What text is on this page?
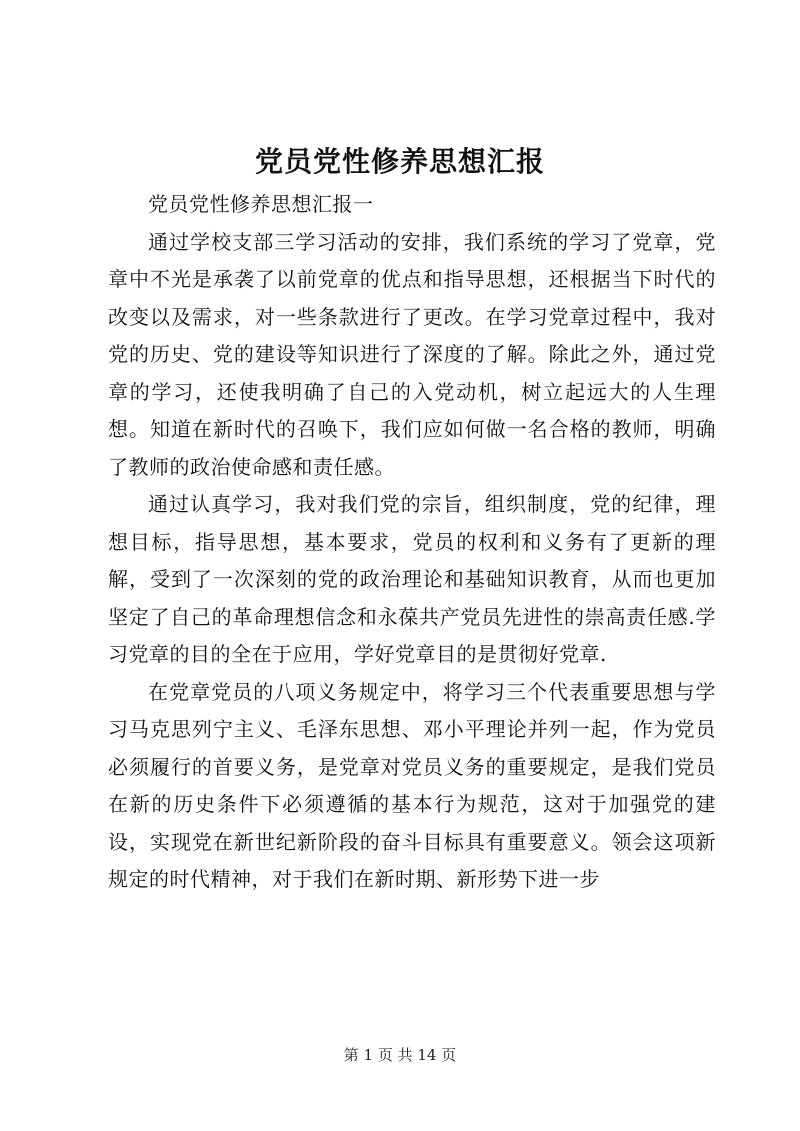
党员党性修养思想汇报

党员党性修养思想汇报一

通过学校支部三学习活动的安排，我们系统的学习了党章，党章中不光是承袭了以前党章的优点和指导思想，还根据当下时代的改变以及需求，对一些条款进行了更改。在学习党章过程中，我对党的历史、党的建设等知识进行了深度的了解。除此之外，通过党章的学习，还使我明确了自己的入党动机，树立起远大的人生理想。知道在新时代的召唤下，我们应如何做一名合格的教师，明确了教师的政治使命感和责任感。

通过认真学习，我对我们党的宗旨，组织制度，党的纪律，理想目标，指导思想，基本要求，党员的权利和义务有了更新的理解，受到了一次深刻的党的政治理论和基础知识教育，从而也更加坚定了自己的革命理想信念和永葆共产党员先进性的崇高责任感.学习党章的目的全在于应用，学好党章目的是贯彻好党章.

在党章党员的八项义务规定中，将学习三个代表重要思想与学习马克思列宁主义、毛泽东思想、邓小平理论并列一起，作为党员必须履行的首要义务，是党章对党员义务的重要规定，是我们党员在新的历史条件下必须遵循的基本行为规范，这对于加强党的建设，实现党在新世纪新阶段的奋斗目标具有重要意义。领会这项新规定的时代精神，对于我们在新时期、新形势下进一步

第 1 页 共 14 页
